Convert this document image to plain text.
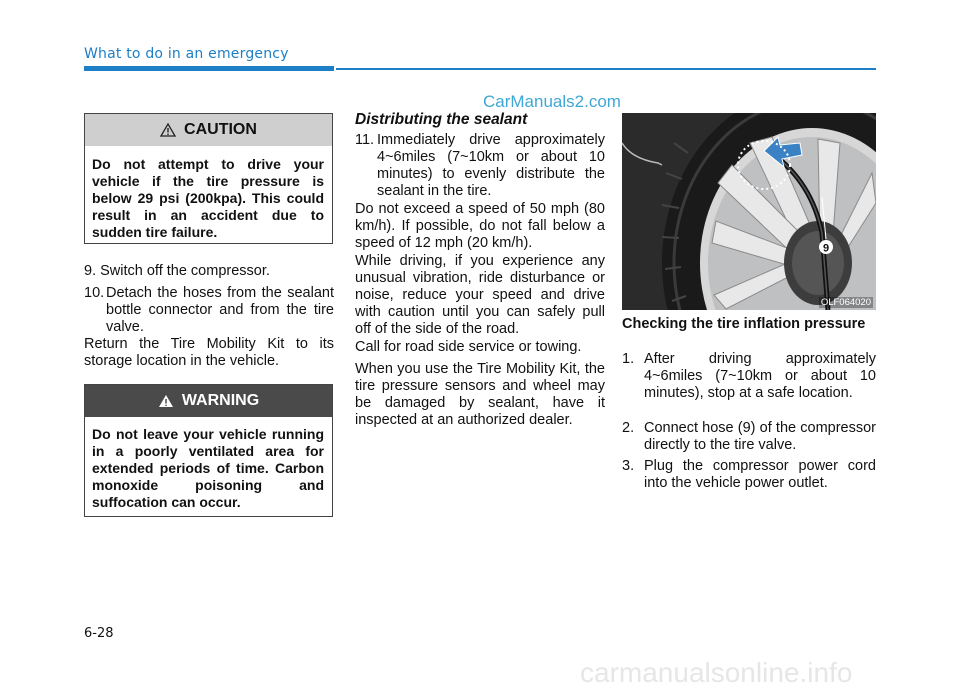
What to do in an emergency
CarManuals2.com
CAUTION
Do not attempt to drive your vehicle if the tire pressure is below 29 psi (200kpa). This could result in an accident due to sudden tire failure.
9. Switch off the compressor.
10. Detach the hoses from the sealant bottle connector and from the tire valve.
Return the Tire Mobility Kit to its storage location in the vehicle.
WARNING
Do not leave your vehicle running in a poorly ventilated area for extended periods of time. Carbon monoxide poisoning and suffocation can occur.
Distributing the sealant
11. Immediately drive approximately 4~6miles (7~10km or about 10 minutes) to evenly distribute the sealant in the tire.
Do not exceed a speed of 50 mph (80 km/h). If possible, do not fall below a speed of 12 mph (20 km/h).
While driving, if you experience any unusual vibration, ride disturbance or noise, reduce your speed and drive with caution until you can safely pull off of the side of the road.
Call for road side service or towing.
When you use the Tire Mobility Kit, the tire pressure sensors and wheel may be damaged by sealant, have it inspected at an authorized dealer.
9
OLF064020
Checking the tire inflation pressure
1. After driving approximately 4~6miles (7~10km or about 10 minutes), stop at a safe location.
2. Connect hose (9) of the compressor directly to the tire valve.
3. Plug the compressor power cord into the vehicle power outlet.
6-28
carmanualsonline.info
